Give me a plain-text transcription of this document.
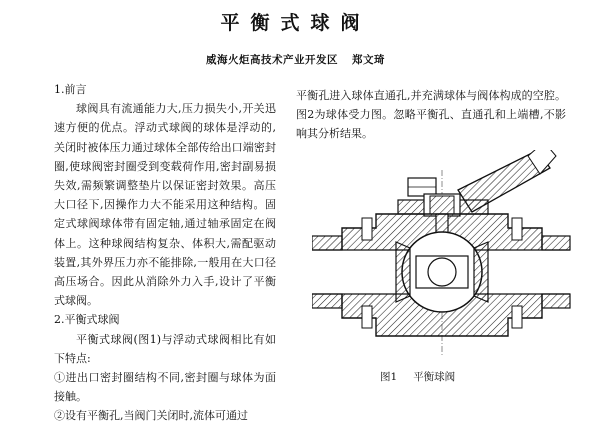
平衡式球阀
威海火炬高技术产业开发区 郑文琦

1.前言

球阀具有流通能力大,压力损失小,开关迅速方便的优点。浮动式球阀的球体是浮动的,关闭时被体压力通过球体全部传给出口端密封圈,使球阀密封圈受到变载荷作用,密封副易损失效,需频繁调整垫片以保证密封效果。高压大口径下,因操作力大不能采用这种结构。固定式球阀球体带有固定轴,通过轴承固定在阀体上。这种球阀结构复杂、体积大,需配驱动装置,其外界压力亦不能排除,一般用在大口径高压场合。因此从消除外力入手,设计了平衡式球阀。

2.平衡式球阀

平衡式球阀(图1)与浮动式球阀相比有如下特点:

①进出口密封圈结构不同,密封圈与球体为面接触。

②设有平衡孔,当阀门关闭时,流体可通过

平衡孔进入球体直通孔,并充满球体与阀体构成的空腔。图2为球体受力图。忽略平衡孔、直通孔和上端槽,不影响其分析结果。
图1 平衡球阀
